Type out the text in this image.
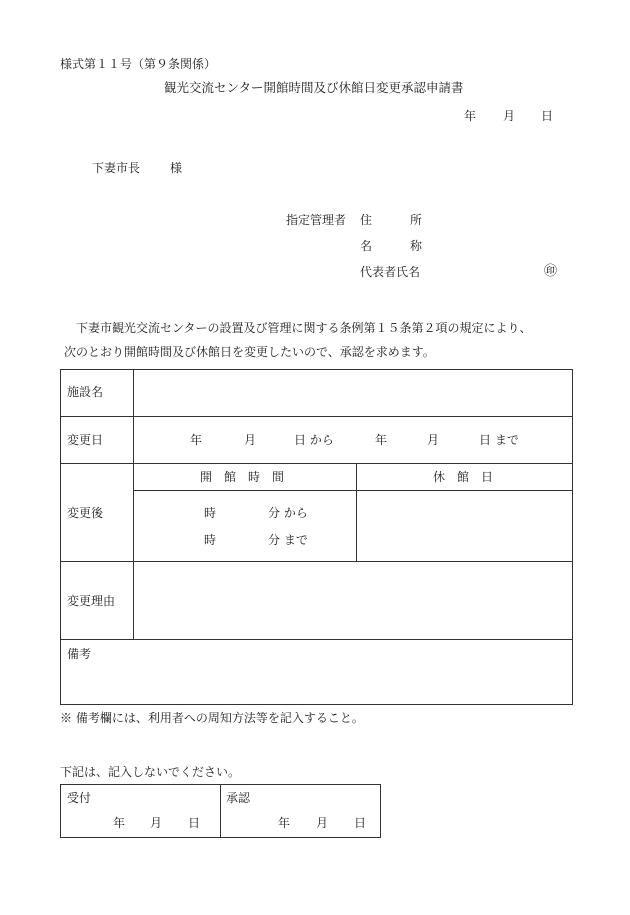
様式第１１号（第９条関係）
観光交流センター開館時間及び休館日変更承認申請書
年 月 日
下妻市長 様
指定管理者 住	所
名	称
代表者氏名	㊞
下妻市観光交流センターの設置及び管理に関する条例第１５条第２項の規定により、
次のとおり開館時間及び休館日を変更したいので、承認を求めます。
施設名
変更日	年	月	日 から	年	月	日 まで
変更後
開　館　時　間	休　館　日
時	分 から
時	分 まで
変更理由
備考
※ 備考欄には、利用者への周知方法等を記入すること。
下記は、記入しないでください。
受付
年 月 日
承認
年 月 日
